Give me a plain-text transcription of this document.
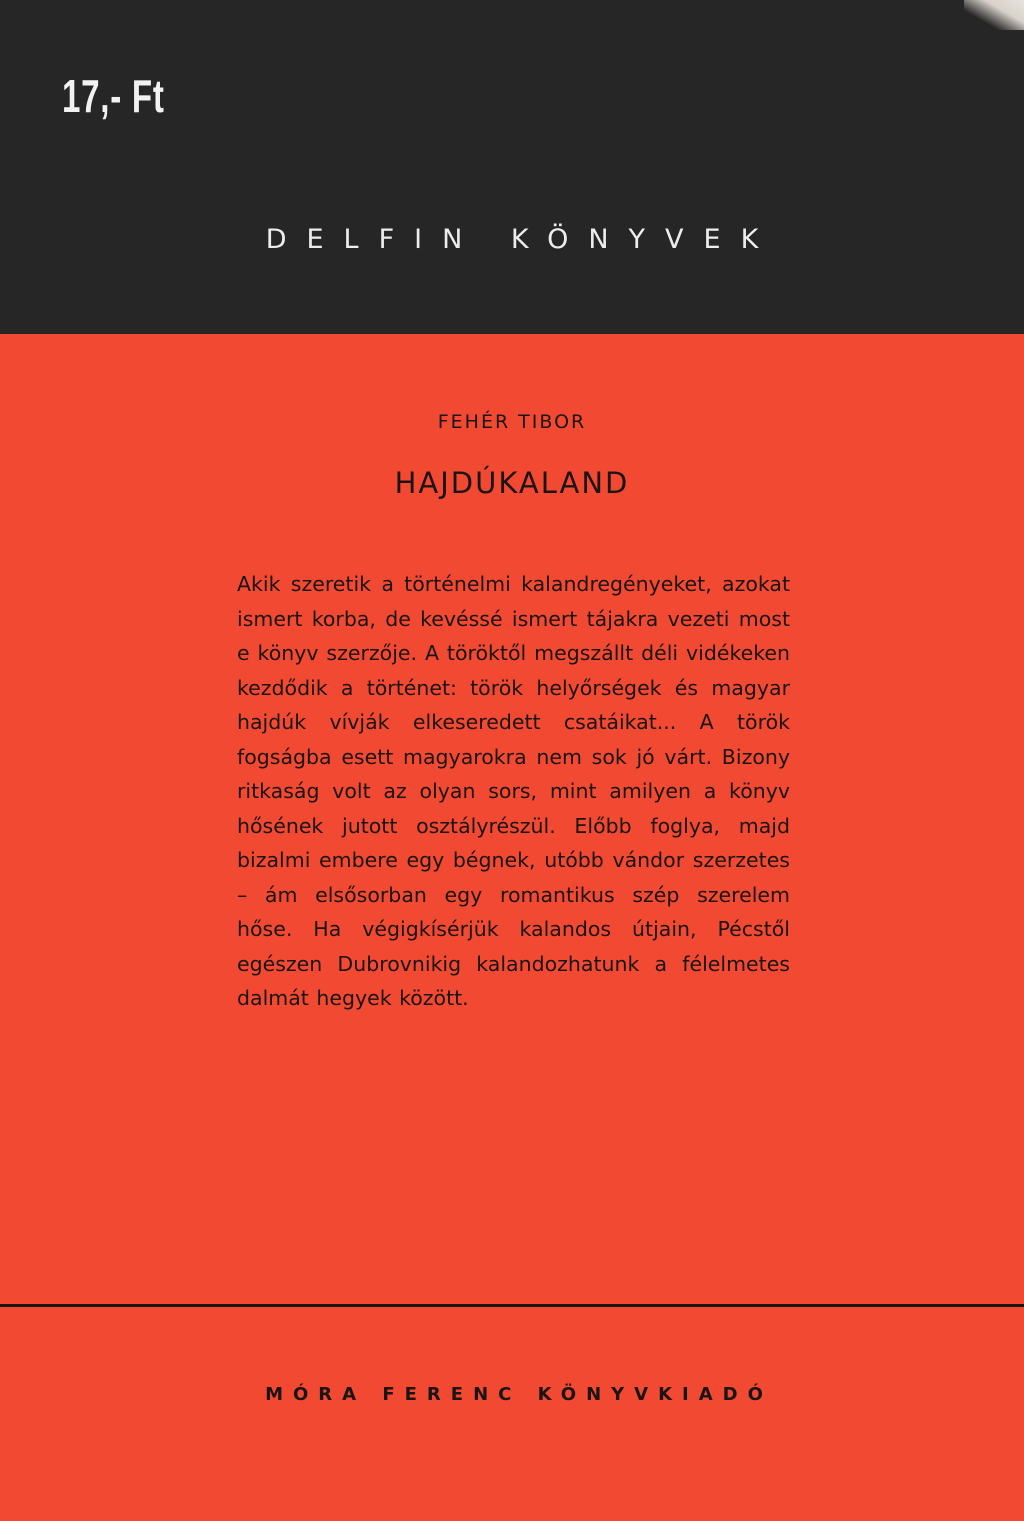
17,- Ft
DELFIN KÖNYVEK
FEHÉR TIBOR
HAJDÚKALAND
Akik szeretik a történelmi kalandregényeket, azokat ismert korba, de kevéssé ismert tájakra vezeti most e könyv szerzője. A töröktől megszállt déli vidékeken kezdődik a történet: török helyőrségek és magyar hajdúk vívják elkeseredett csatáikat... A török fogságba esett magyarokra nem sok jó várt. Bizony ritkaság volt az olyan sors, mint amilyen a könyv hősének jutott osztályrészül. Előbb foglya, majd bizalmi embere egy bégnek, utóbb vándor szerzetes – ám elsősorban egy romantikus szép szerelem hőse. Ha végigkísérjük kalandos útjain, Pécstől egészen Dubrovnikig kalandozhatunk a félelmetes dalmát hegyek között.
MÓRA FERENC KÖNYVKIADÓ
